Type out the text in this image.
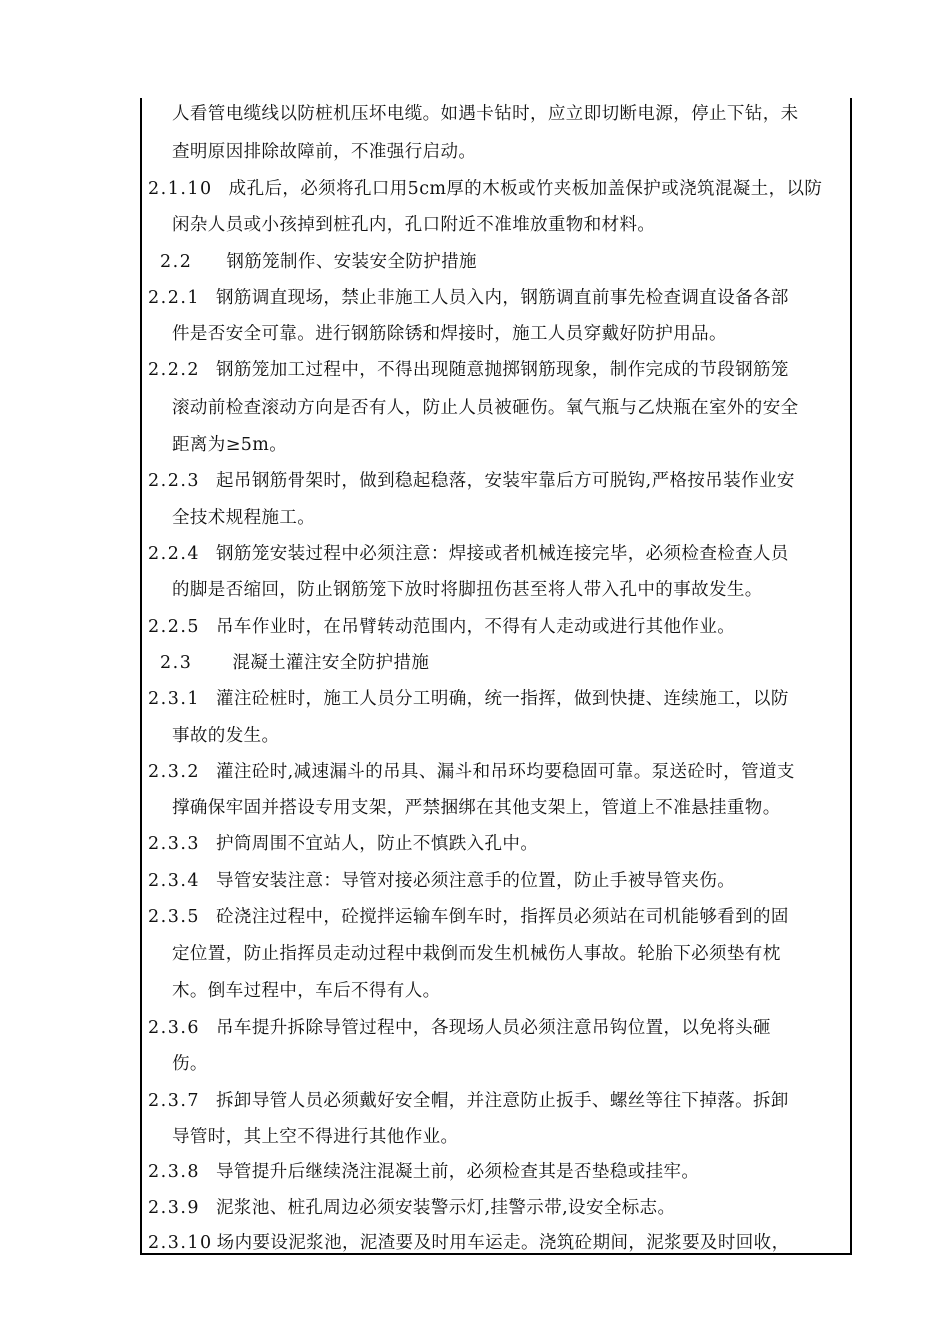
人看管电缆线以防桩机压坏电缆。如遇卡钻时，应立即切断电源，停止下钻，未
查明原因排除故障前，不准强行启动。
2.1.10 成孔后，必须将孔口用5cm厚的木板或竹夹板加盖保护或浇筑混凝土，以防
闲杂人员或小孩掉到桩孔内，孔口附近不准堆放重物和材料。
2.2 钢筋笼制作、安装安全防护措施
2.2.1 钢筋调直现场，禁止非施工人员入内，钢筋调直前事先检查调直设备各部
件是否安全可靠。进行钢筋除锈和焊接时，施工人员穿戴好防护用品。
2.2.2 钢筋笼加工过程中，不得出现随意抛掷钢筋现象，制作完成的节段钢筋笼
滚动前检查滚动方向是否有人，防止人员被砸伤。氧气瓶与乙炔瓶在室外的安全
距离为≥5m。
2.2.3 起吊钢筋骨架时，做到稳起稳落，安装牢靠后方可脱钩,严格按吊装作业安
全技术规程施工。
2.2.4 钢筋笼安装过程中必须注意：焊接或者机械连接完毕，必须检查检查人员
的脚是否缩回，防止钢筋笼下放时将脚扭伤甚至将人带入孔中的事故发生。
2.2.5 吊车作业时，在吊臂转动范围内，不得有人走动或进行其他作业。
2.3 混凝土灌注安全防护措施
2.3.1 灌注砼桩时，施工人员分工明确，统一指挥，做到快捷、连续施工，以防
事故的发生。
2.3.2 灌注砼时,减速漏斗的吊具、漏斗和吊环均要稳固可靠。泵送砼时，管道支
撑确保牢固并搭设专用支架，严禁捆绑在其他支架上，管道上不准悬挂重物。
2.3.3 护筒周围不宜站人，防止不慎跌入孔中。
2.3.4 导管安装注意：导管对接必须注意手的位置，防止手被导管夹伤。
2.3.5 砼浇注过程中，砼搅拌运输车倒车时，指挥员必须站在司机能够看到的固
定位置，防止指挥员走动过程中栽倒而发生机械伤人事故。轮胎下必须垫有枕
木。倒车过程中，车后不得有人。
2.3.6 吊车提升拆除导管过程中，各现场人员必须注意吊钩位置，以免将头砸
伤。
2.3.7 拆卸导管人员必须戴好安全帽，并注意防止扳手、螺丝等往下掉落。拆卸
导管时，其上空不得进行其他作业。
2.3.8 导管提升后继续浇注混凝土前，必须检查其是否垫稳或挂牢。
2.3.9 泥浆池、桩孔周边必须安装警示灯,挂警示带,设安全标志。
2.3.10 场内要设泥浆池，泥渣要及时用车运走。浇筑砼期间，泥浆要及时回收，
